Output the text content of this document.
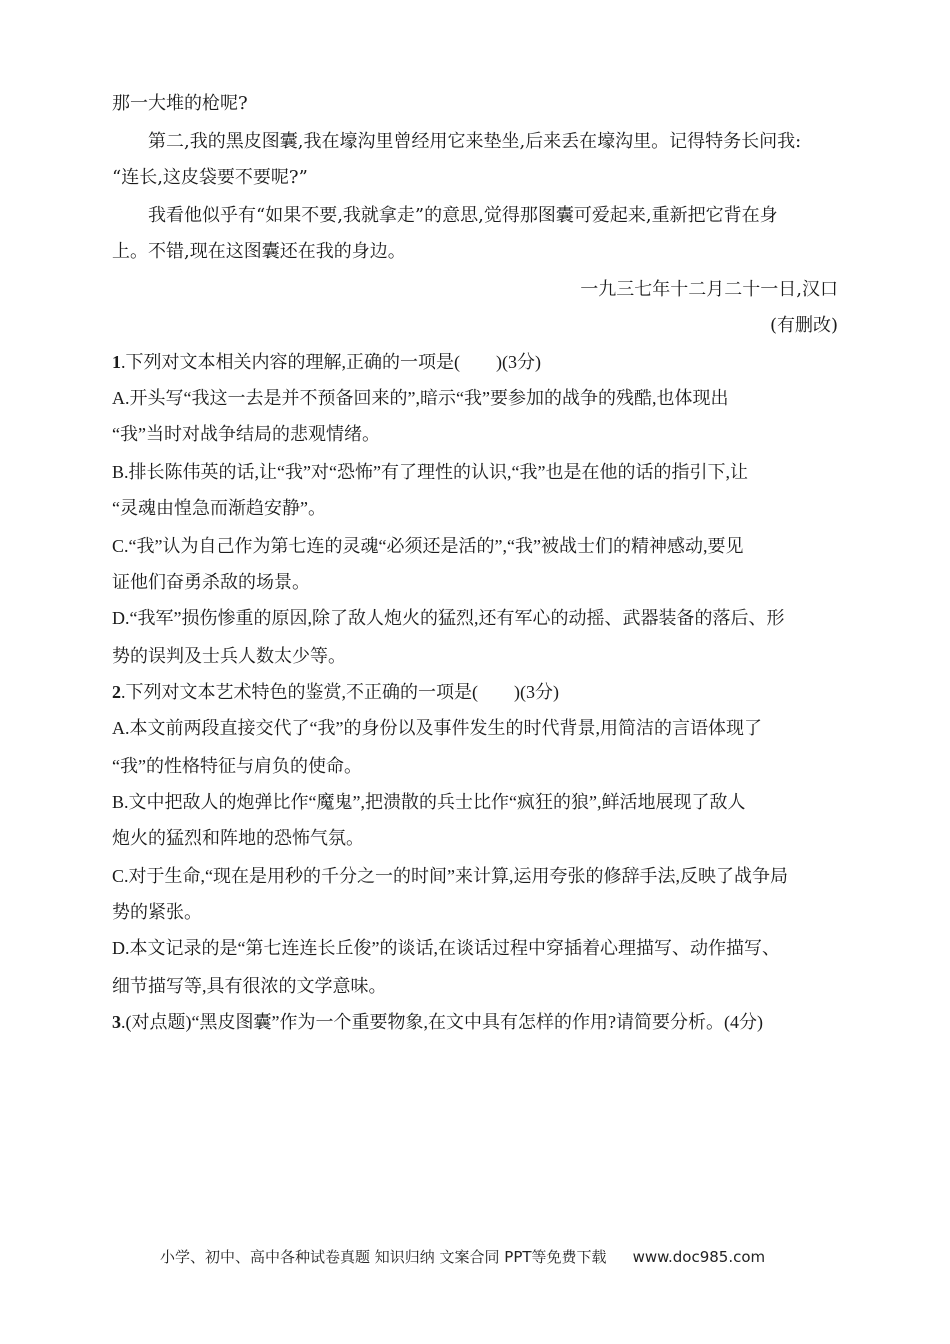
那一大堆的枪呢?
第二,我的黑皮图囊,我在壕沟里曾经用它来垫坐,后来丢在壕沟里。记得特务长问我:
“连长,这皮袋要不要呢?”
我看他似乎有“如果不要,我就拿走”的意思,觉得那图囊可爱起来,重新把它背在身
上。不错,现在这图囊还在我的身边。
一九三七年十二月二十一日,汉口
(有删改)
1.下列对文本相关内容的理解,正确的一项是(　　)(3分)
A.开头写“我这一去是并不预备回来的”,暗示“我”要参加的战争的残酷,也体现出
“我”当时对战争结局的悲观情绪。
B.排长陈伟英的话,让“我”对“恐怖”有了理性的认识,“我”也是在他的话的指引下,让
“灵魂由惶急而渐趋安静”。
C.“我”认为自己作为第七连的灵魂“必须还是活的”,“我”被战士们的精神感动,要见
证他们奋勇杀敌的场景。
D.“我军”损伤惨重的原因,除了敌人炮火的猛烈,还有军心的动摇、武器装备的落后、形
势的误判及士兵人数太少等。
2.下列对文本艺术特色的鉴赏,不正确的一项是(　　)(3分)
A.本文前两段直接交代了“我”的身份以及事件发生的时代背景,用简洁的言语体现了
“我”的性格特征与肩负的使命。
B.文中把敌人的炮弹比作“魔鬼”,把溃散的兵士比作“疯狂的狼”,鲜活地展现了敌人
炮火的猛烈和阵地的恐怖气氛。
C.对于生命,“现在是用秒的千分之一的时间”来计算,运用夸张的修辞手法,反映了战争局
势的紧张。
D.本文记录的是“第七连连长丘俊”的谈话,在谈话过程中穿插着心理描写、动作描写、
细节描写等,具有很浓的文学意味。
3.(对点题)“黑皮图囊”作为一个重要物象,在文中具有怎样的作用?请简要分析。(4分)
小学、初中、高中各种试卷真题 知识归纳 文案合同 PPT等免费下载 www.doc985.com
